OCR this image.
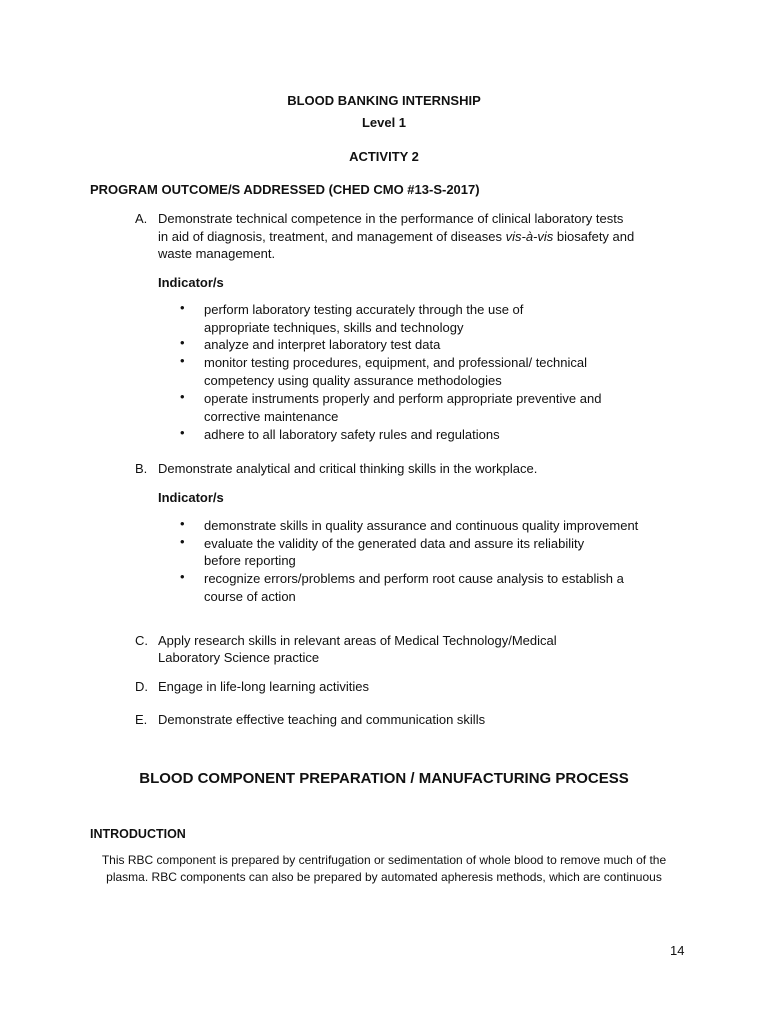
BLOOD BANKING INTERNSHIP
Level 1
ACTIVITY 2
PROGRAM OUTCOME/S ADDRESSED (CHED CMO #13-S-2017)
A. Demonstrate technical competence in the performance of clinical laboratory tests
in aid of diagnosis, treatment, and management of diseases vis-à-vis biosafety and
waste management.
Indicator/s
• perform laboratory testing accurately through the use of
appropriate techniques, skills and technology
• analyze and interpret laboratory test data
• monitor testing procedures, equipment, and professional/ technical
competency using quality assurance methodologies
• operate instruments properly and perform appropriate preventive and
corrective maintenance
• adhere to all laboratory safety rules and regulations
B. Demonstrate analytical and critical thinking skills in the workplace.
Indicator/s
• demonstrate skills in quality assurance and continuous quality improvement
• evaluate the validity of the generated data and assure its reliability
before reporting
• recognize errors/problems and perform root cause analysis to establish a
course of action
C. Apply research skills in relevant areas of Medical Technology/Medical
Laboratory Science practice
D. Engage in life-long learning activities
E. Demonstrate effective teaching and communication skills
BLOOD COMPONENT PREPARATION / MANUFACTURING PROCESS
INTRODUCTION
This RBC component is prepared by centrifugation or sedimentation of whole blood to remove much of the
plasma. RBC components can also be prepared by automated apheresis methods, which are continuous
14
